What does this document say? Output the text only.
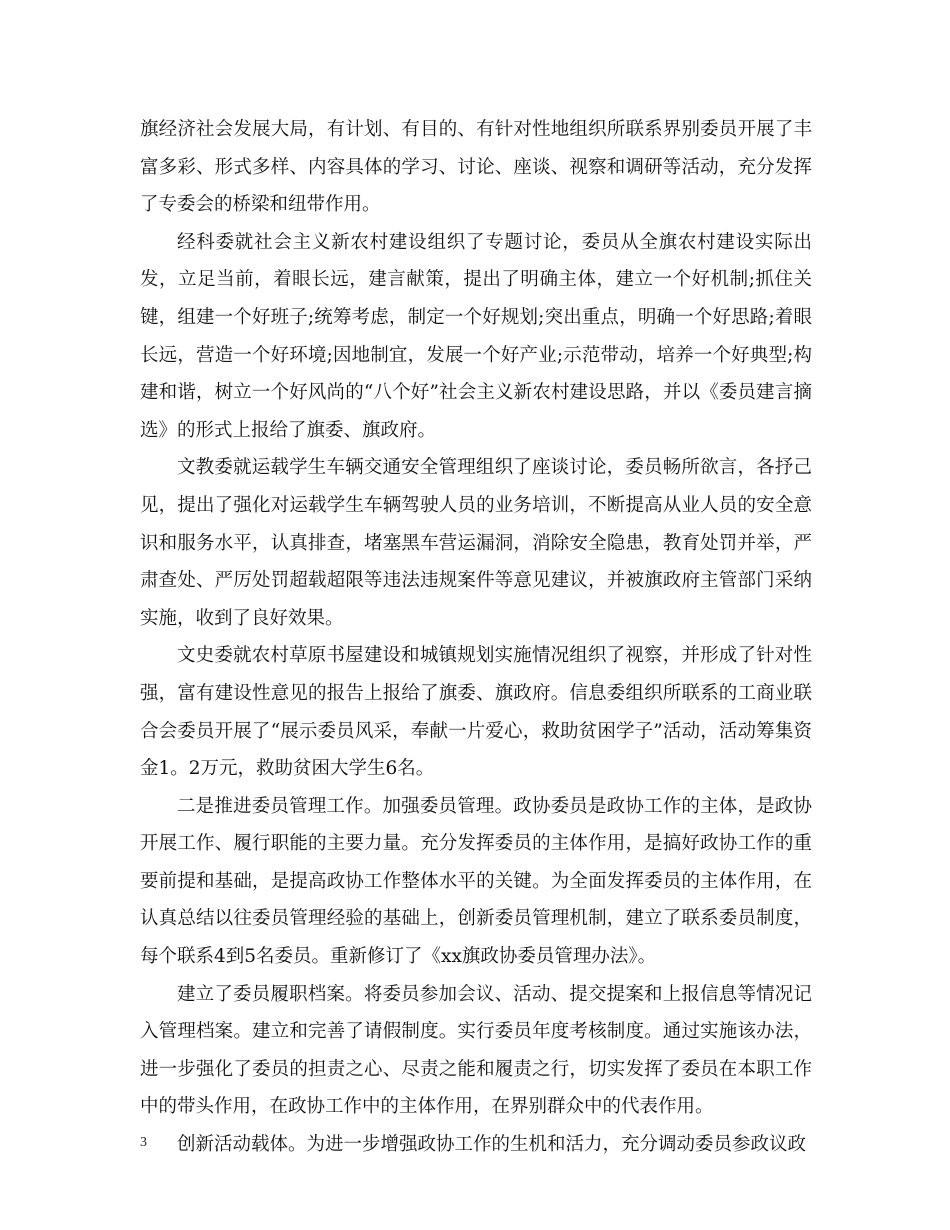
旗经济社会发展大局，有计划、有目的、有针对性地组织所联系界别委员开展了丰富多彩、形式多样、内容具体的学习、讨论、座谈、视察和调研等活动，充分发挥了专委会的桥梁和纽带作用。

经科委就社会主义新农村建设组织了专题讨论，委员从全旗农村建设实际出发，立足当前，着眼长远，建言献策，提出了明确主体，建立一个好机制;抓住关键，组建一个好班子;统筹考虑，制定一个好规划;突出重点，明确一个好思路;着眼长远，营造一个好环境;因地制宜，发展一个好产业;示范带动，培养一个好典型;构建和谐，树立一个好风尚的“八个好”社会主义新农村建设思路，并以《委员建言摘选》的形式上报给了旗委、旗政府。

文教委就运载学生车辆交通安全管理组织了座谈讨论，委员畅所欲言，各抒己见，提出了强化对运载学生车辆驾驶人员的业务培训，不断提高从业人员的安全意识和服务水平，认真排查，堵塞黑车营运漏洞，消除安全隐患，教育处罚并举，严肃查处、严厉处罚超载超限等违法违规案件等意见建议，并被旗政府主管部门采纳实施，收到了良好效果。

文史委就农村草原书屋建设和城镇规划实施情况组织了视察，并形成了针对性强，富有建设性意见的报告上报给了旗委、旗政府。信息委组织所联系的工商业联合会委员开展了“展示委员风采，奉献一片爱心，救助贫困学子”活动，活动筹集资金1。2万元，救助贫困大学生6名。

二是推进委员管理工作。加强委员管理。政协委员是政协工作的主体，是政协开展工作、履行职能的主要力量。充分发挥委员的主体作用，是搞好政协工作的重要前提和基础，是提高政协工作整体水平的关键。为全面发挥委员的主体作用，在认真总结以往委员管理经验的基础上，创新委员管理机制，建立了联系委员制度，每个联系4到5名委员。重新修订了《xx旗政协委员管理办法》。

建立了委员履职档案。将委员参加会议、活动、提交提案和上报信息等情况记入管理档案。建立和完善了请假制度。实行委员年度考核制度。通过实施该办法，进一步强化了委员的担责之心、尽责之能和履责之行，切实发挥了委员在本职工作中的带头作用，在政协工作中的主体作用，在界别群众中的代表作用。

创新活动载体。为进一步增强政协工作的生机和活力，充分调动委员参政议政

3
